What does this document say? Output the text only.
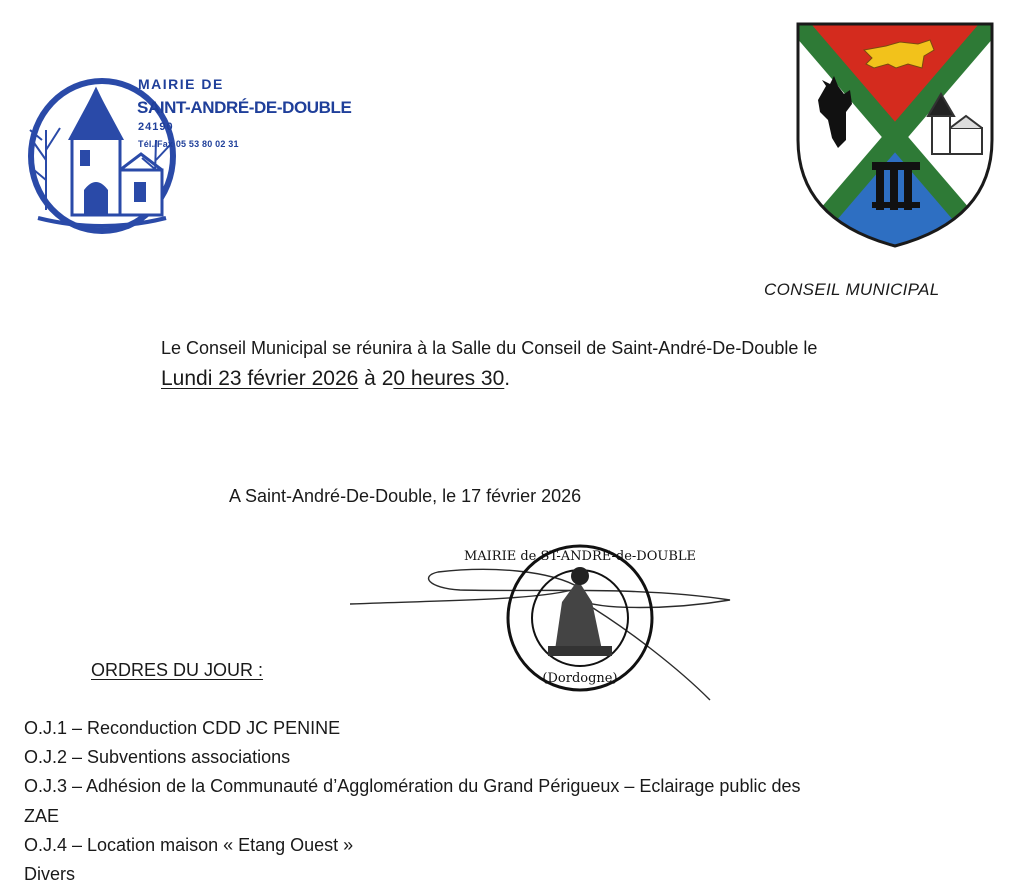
MAIRIE DE
SAINT-ANDRÉ-DE-DOUBLE
24190
Tél./Fax 05 53 80 02 31
CONSEIL MUNICIPAL
Le Conseil Municipal se réunira à la Salle du Conseil de Saint-André-De-Double le
Lundi 23 février 2026 à 20 heures 30.
A Saint-André-De-Double, le 17 février 2026
MAIRIE de ST-ANDRE-de-DOUBLE
(Dordogne)
ORDRES DU JOUR :
O.J.1 – Reconduction CDD JC PENINE
O.J.2 – Subventions associations
O.J.3 – Adhésion de la Communauté d’Agglomération du Grand Périgueux – Eclairage public des
ZAE
O.J.4 – Location maison « Etang Ouest »
Divers
